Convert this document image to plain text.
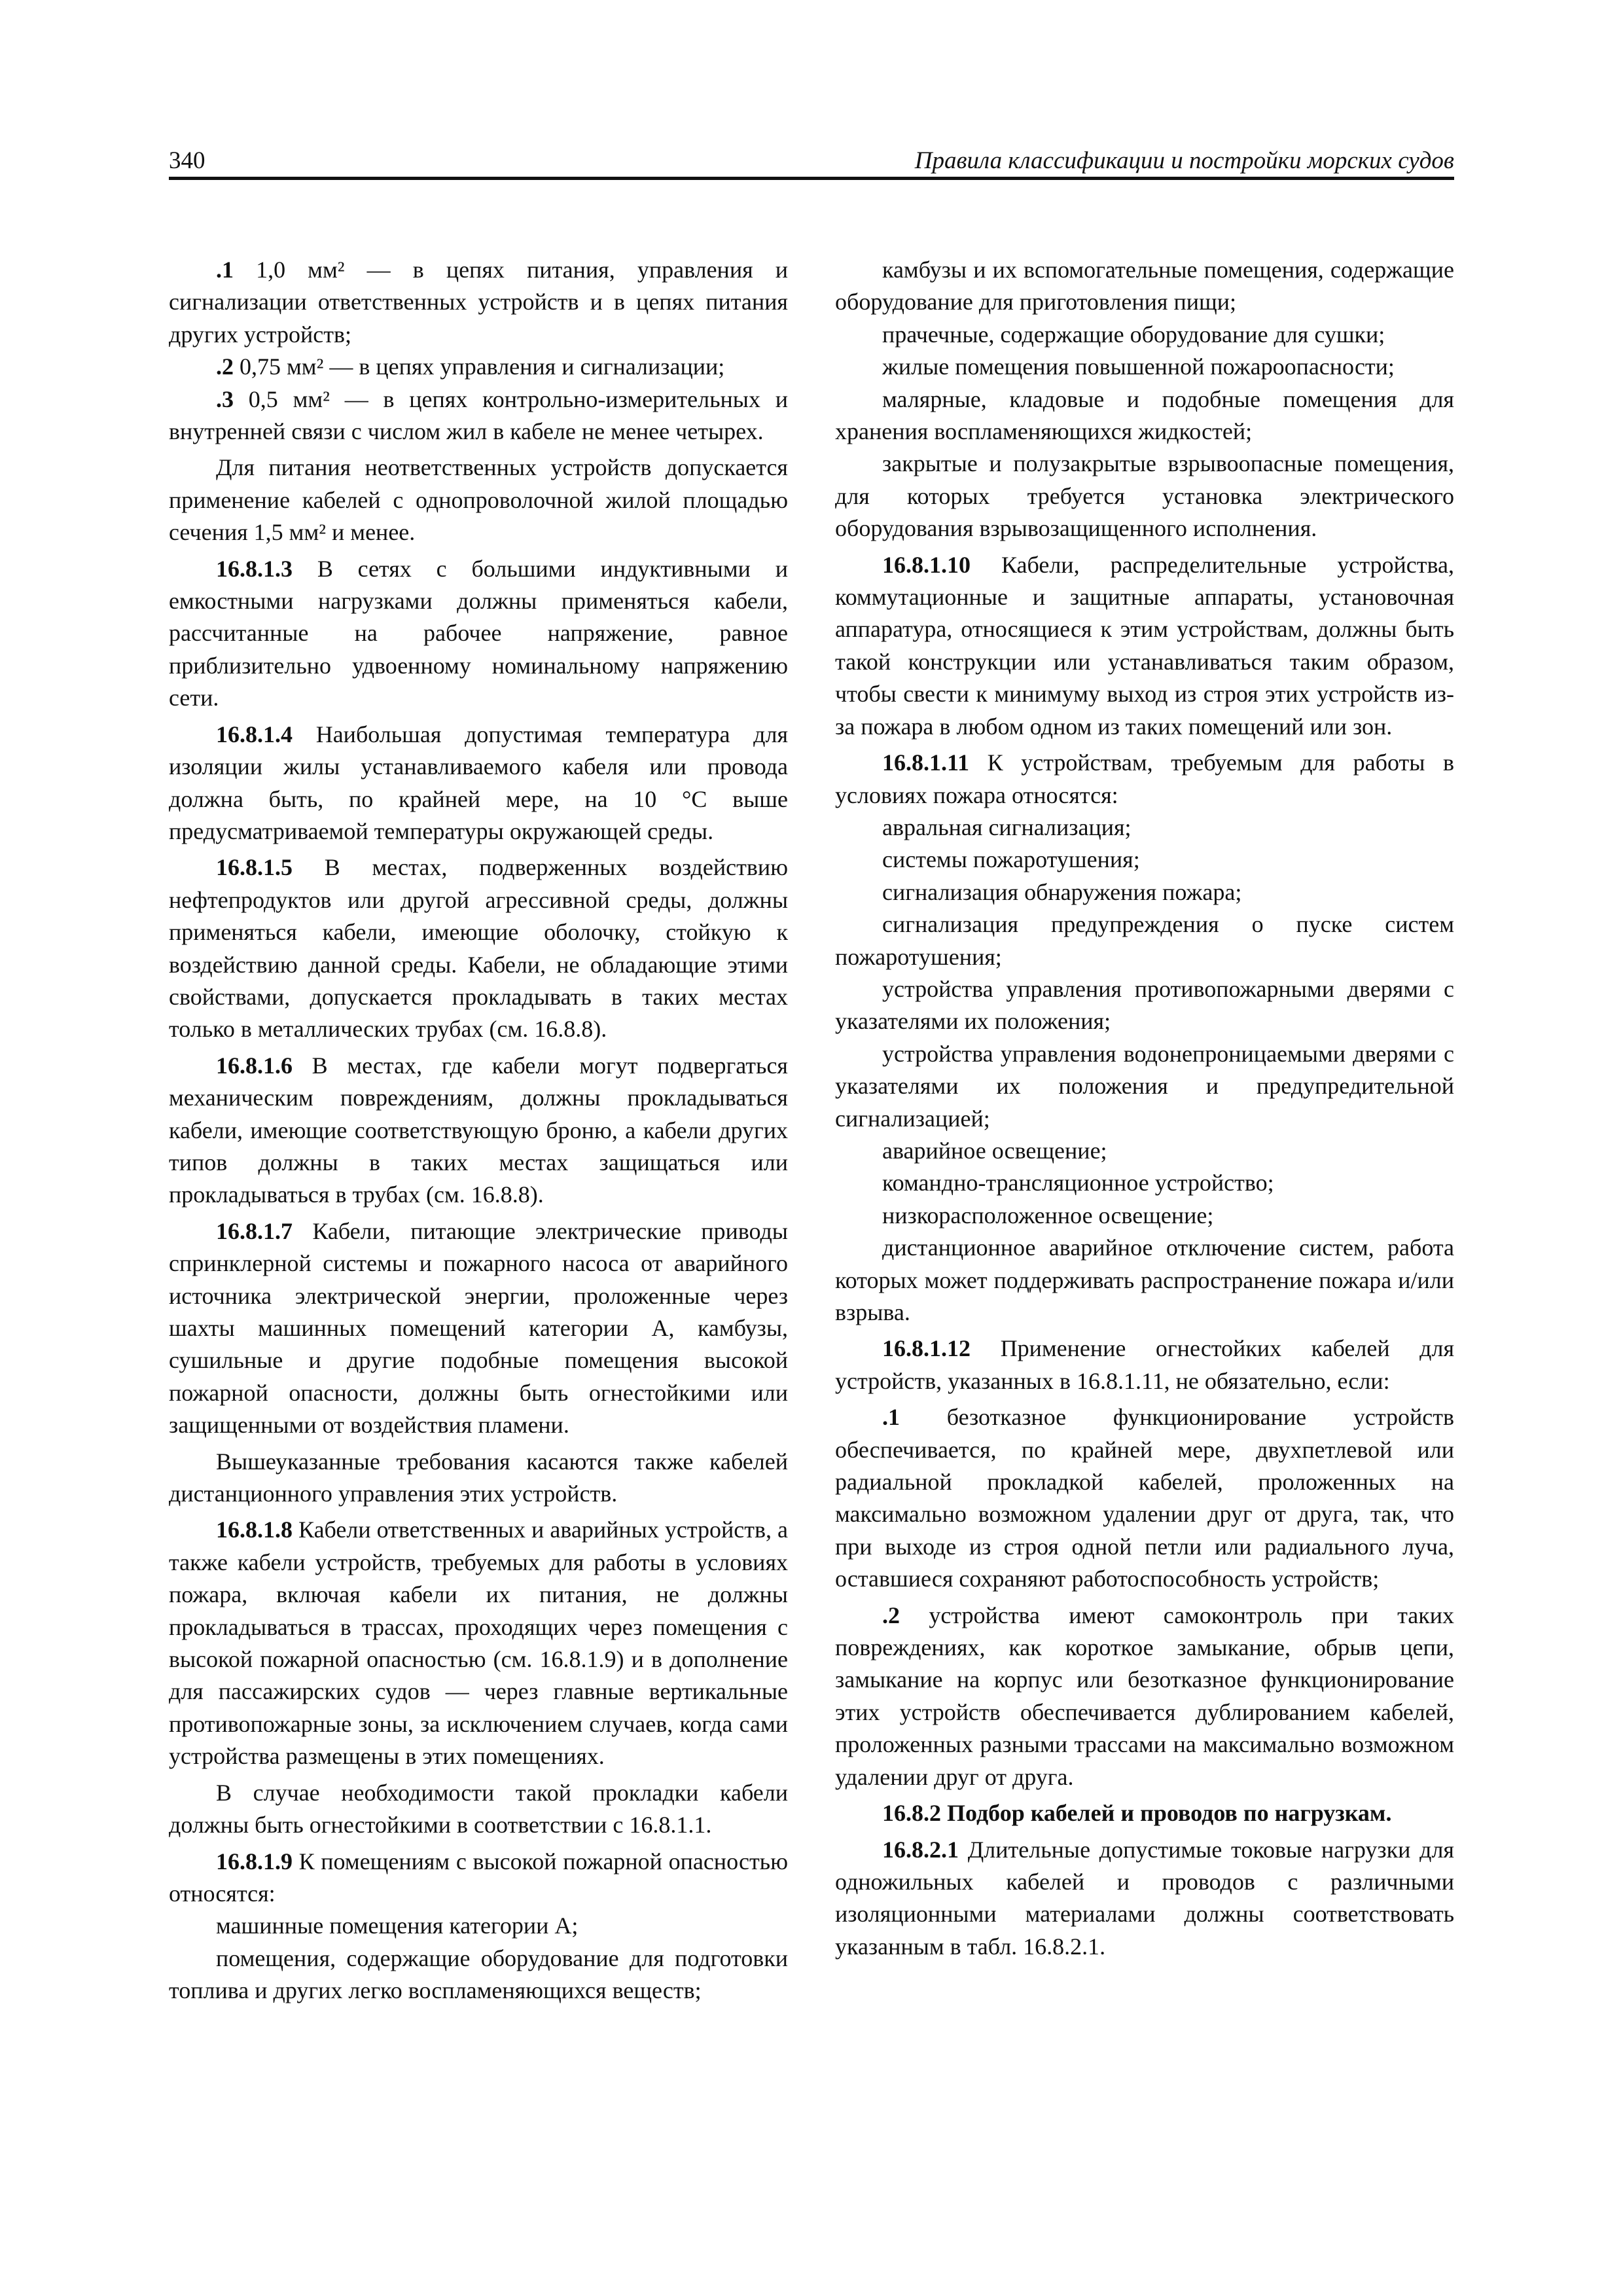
340	Правила классификации и постройки морских судов

.1 1,0 мм² — в цепях питания, управления и сигнализации ответственных устройств и в цепях питания других устройств;

.2 0,75 мм² — в цепях управления и сигнализации;

.3 0,5 мм² — в цепях контрольно-измерительных и внутренней связи с числом жил в кабеле не менее четырех.

Для питания неответственных устройств допускается применение кабелей с однопроволочной жилой площадью сечения 1,5 мм² и менее.

16.8.1.3 В сетях с большими индуктивными и емкостными нагрузками должны применяться кабели, рассчитанные на рабочее напряжение, равное приблизительно удвоенному номинальному напряжению сети.

16.8.1.4 Наибольшая допустимая температура для изоляции жилы устанавливаемого кабеля или провода должна быть, по крайней мере, на 10 °С выше предусматриваемой температуры окружающей среды.

16.8.1.5 В местах, подверженных воздействию нефтепродуктов или другой агрессивной среды, должны применяться кабели, имеющие оболочку, стойкую к воздействию данной среды. Кабели, не обладающие этими свойствами, допускается прокладывать в таких местах только в металлических трубах (см. 16.8.8).

16.8.1.6 В местах, где кабели могут подвергаться механическим повреждениям, должны прокладываться кабели, имеющие соответствующую броню, а кабели других типов должны в таких местах защищаться или прокладываться в трубах (см. 16.8.8).

16.8.1.7 Кабели, питающие электрические приводы спринклерной системы и пожарного насоса от аварийного источника электрической энергии, проложенные через шахты машинных помещений категории А, камбузы, сушильные и другие подобные помещения высокой пожарной опасности, должны быть огнестойкими или защищенными от воздействия пламени.

Вышеуказанные требования касаются также кабелей дистанционного управления этих устройств.

16.8.1.8 Кабели ответственных и аварийных устройств, а также кабели устройств, требуемых для работы в условиях пожара, включая кабели их питания, не должны прокладываться в трассах, проходящих через помещения с высокой пожарной опасностью (см. 16.8.1.9) и в дополнение для пассажирских судов — через главные вертикальные противопожарные зоны, за исключением случаев, когда сами устройства размещены в этих помещениях.

В случае необходимости такой прокладки кабели должны быть огнестойкими в соответствии с 16.8.1.1.

16.8.1.9 К помещениям с высокой пожарной опасностью относятся:

машинные помещения категории А;

помещения, содержащие оборудование для подготовки топлива и других легко воспламеняющихся веществ;

камбузы и их вспомогательные помещения, содержащие оборудование для приготовления пищи;

прачечные, содержащие оборудование для сушки;

жилые помещения повышенной пожароопасности;

малярные, кладовые и подобные помещения для хранения воспламеняющихся жидкостей;

закрытые и полузакрытые взрывоопасные помещения, для которых требуется установка электрического оборудования взрывозащищенного исполнения.

16.8.1.10 Кабели, распределительные устройства, коммутационные и защитные аппараты, установочная аппаратура, относящиеся к этим устройствам, должны быть такой конструкции или устанавливаться таким образом, чтобы свести к минимуму выход из строя этих устройств из-за пожара в любом одном из таких помещений или зон.

16.8.1.11 К устройствам, требуемым для работы в условиях пожара относятся:

авральная сигнализация;

системы пожаротушения;

сигнализация обнаружения пожара;

сигнализация предупреждения о пуске систем пожаротушения;

устройства управления противопожарными дверями с указателями их положения;

устройства управления водонепроницаемыми дверями с указателями их положения и предупредительной сигнализацией;

аварийное освещение;

командно-трансляционное устройство;

низкорасположенное освещение;

дистанционное аварийное отключение систем, работа которых может поддерживать распространение пожара и/или взрыва.

16.8.1.12 Применение огнестойких кабелей для устройств, указанных в 16.8.1.11, не обязательно, если:

.1 безотказное функционирование устройств обеспечивается, по крайней мере, двухпетлевой или радиальной прокладкой кабелей, проложенных на максимально возможном удалении друг от друга, так, что при выходе из строя одной петли или радиального луча, оставшиеся сохраняют работоспособность устройств;

.2 устройства имеют самоконтроль при таких повреждениях, как короткое замыкание, обрыв цепи, замыкание на корпус или безотказное функционирование этих устройств обеспечивается дублированием кабелей, проложенных разными трассами на максимально возможном удалении друг от друга.

16.8.2 Подбор кабелей и проводов по нагрузкам.

16.8.2.1 Длительные допустимые токовые нагрузки для одножильных кабелей и проводов с различными изоляционными материалами должны соответствовать указанным в табл. 16.8.2.1.
